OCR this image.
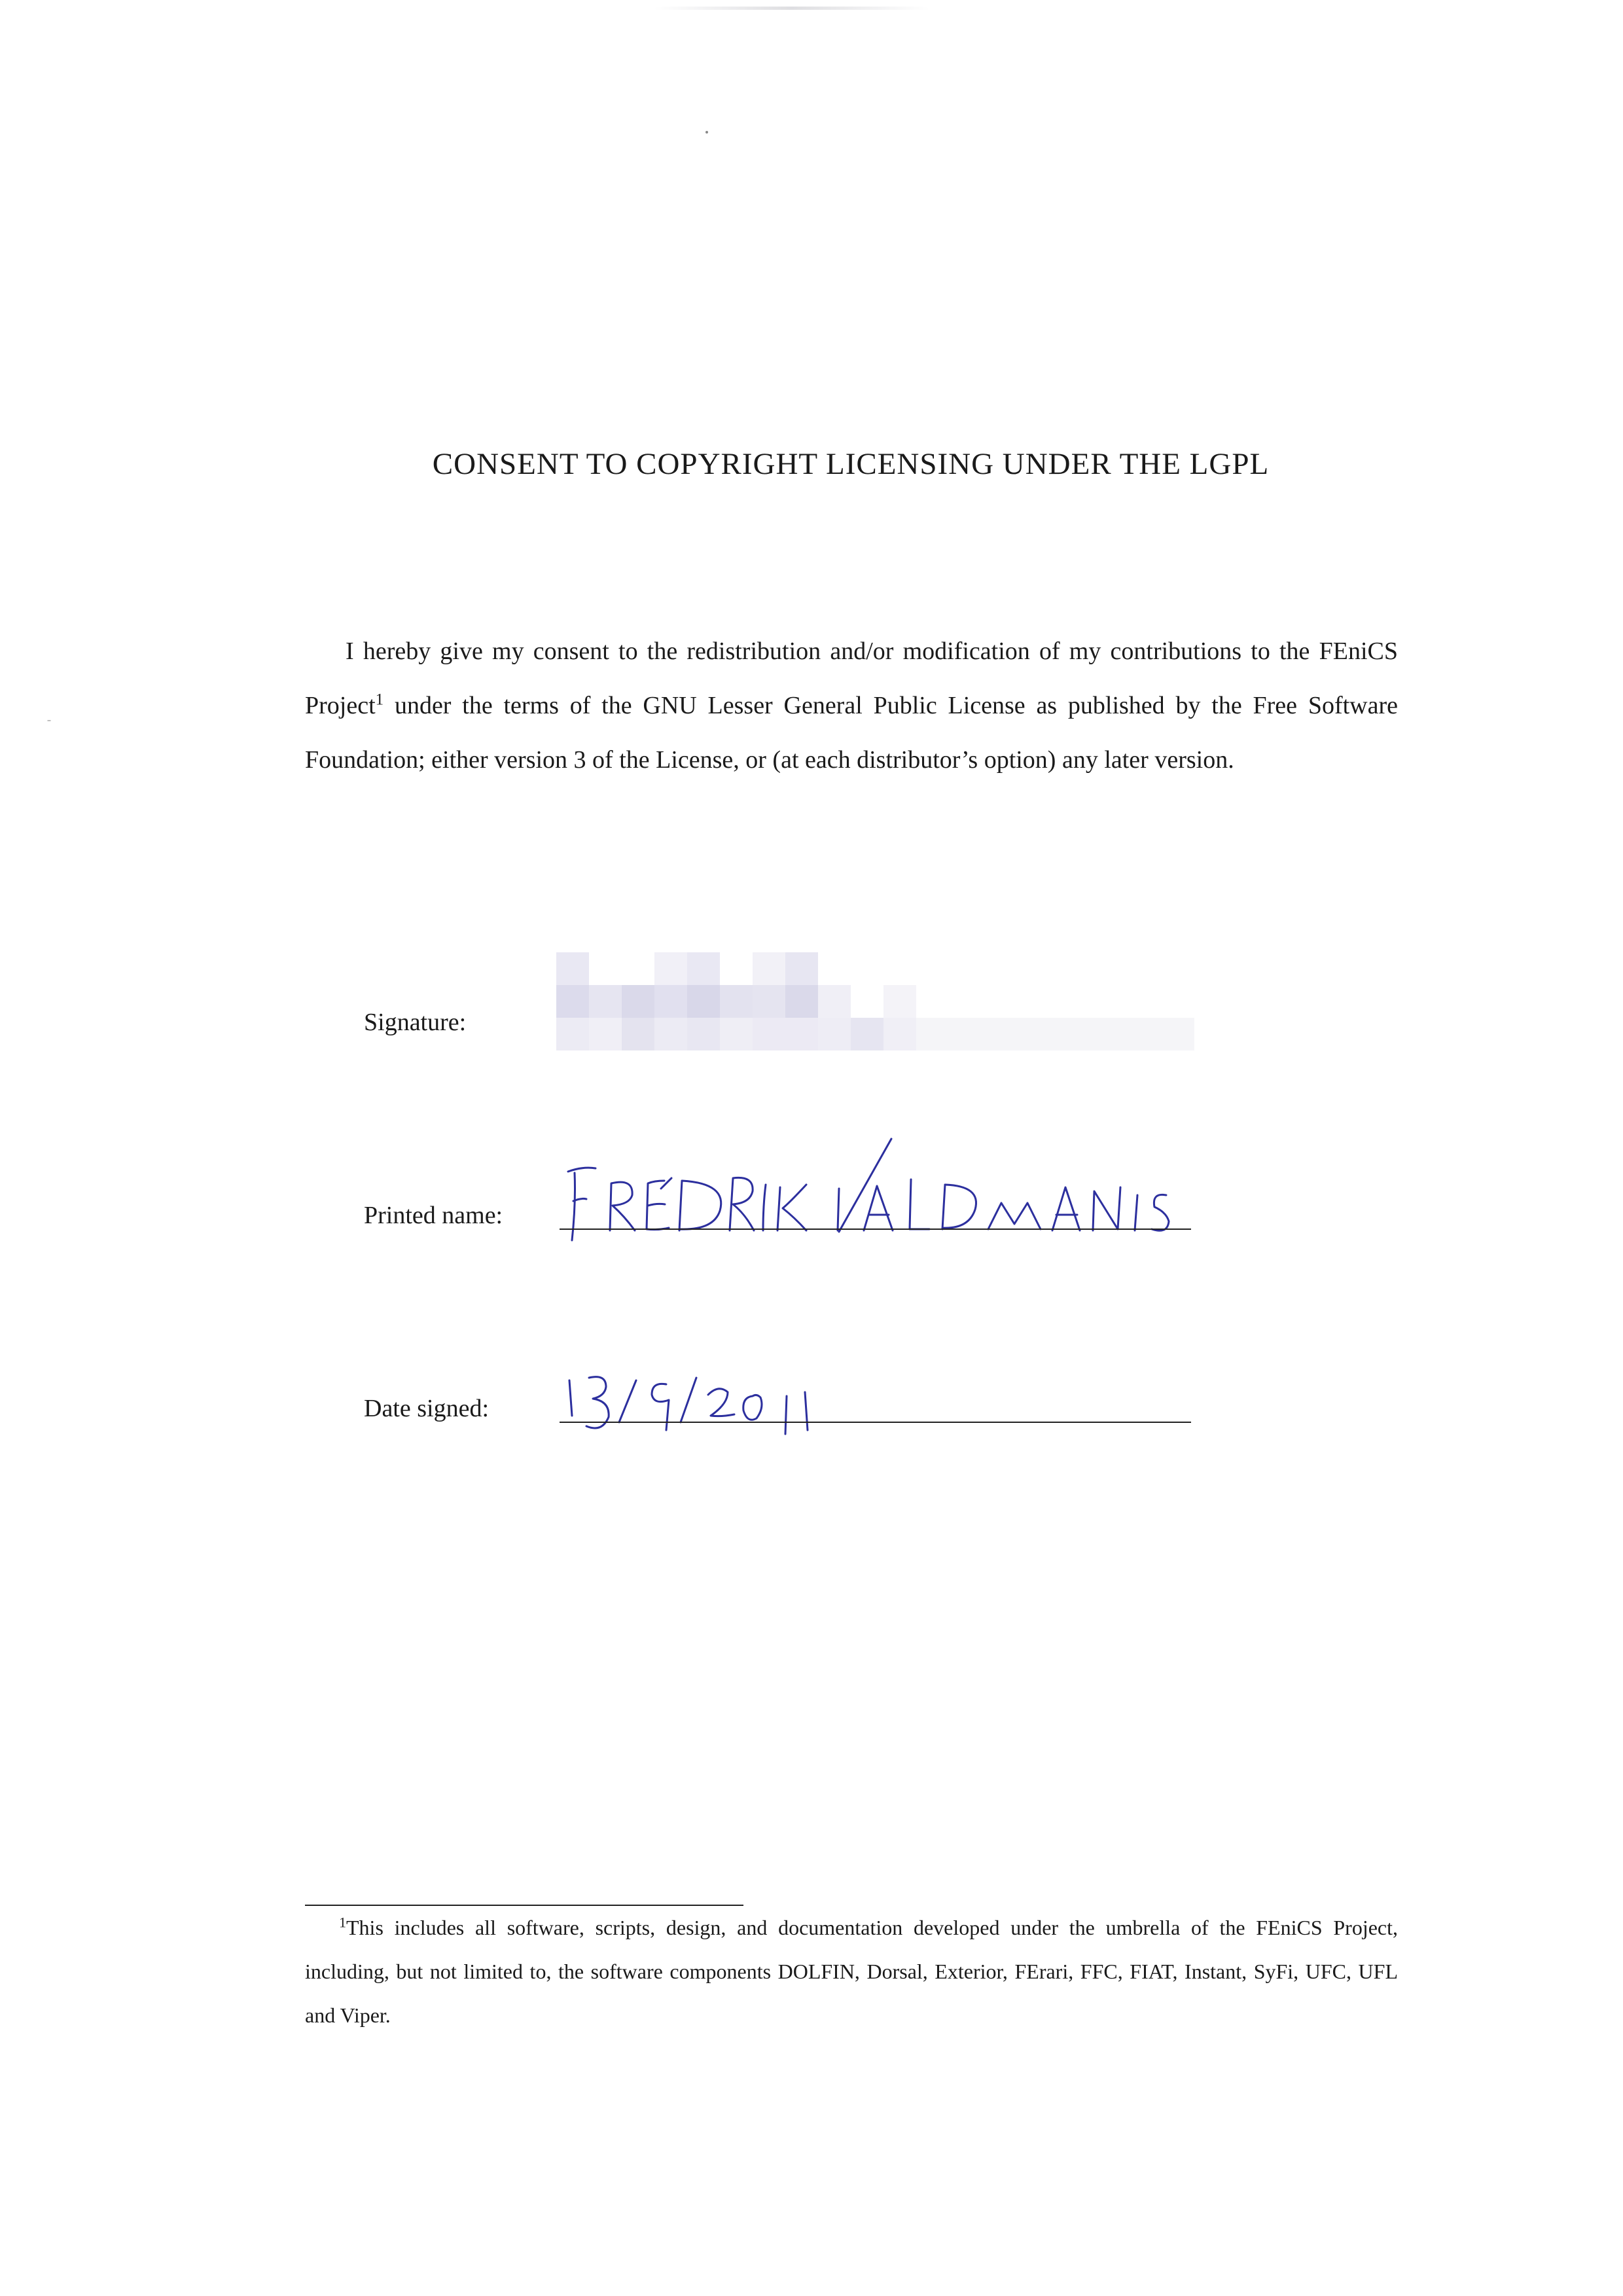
CONSENT TO COPYRIGHT LICENSING UNDER THE LGPL
I hereby give my consent to the redistribution and/or modification of my contributions to the FEniCS Project$^1$ under the terms of the GNU Lesser General Public License as published by the Free Software Foundation; either version 3 of the License, or (at each distributor’s option) any later version.
Signature:
Printed name:
Date signed:
$^1$This includes all software, scripts, design, and documentation developed under the umbrella of the FEniCS Project, including, but not limited to, the software components DOLFIN, Dorsal, Exterior, FErari, FFC, FIAT, Instant, SyFi, UFC, UFL and Viper.
